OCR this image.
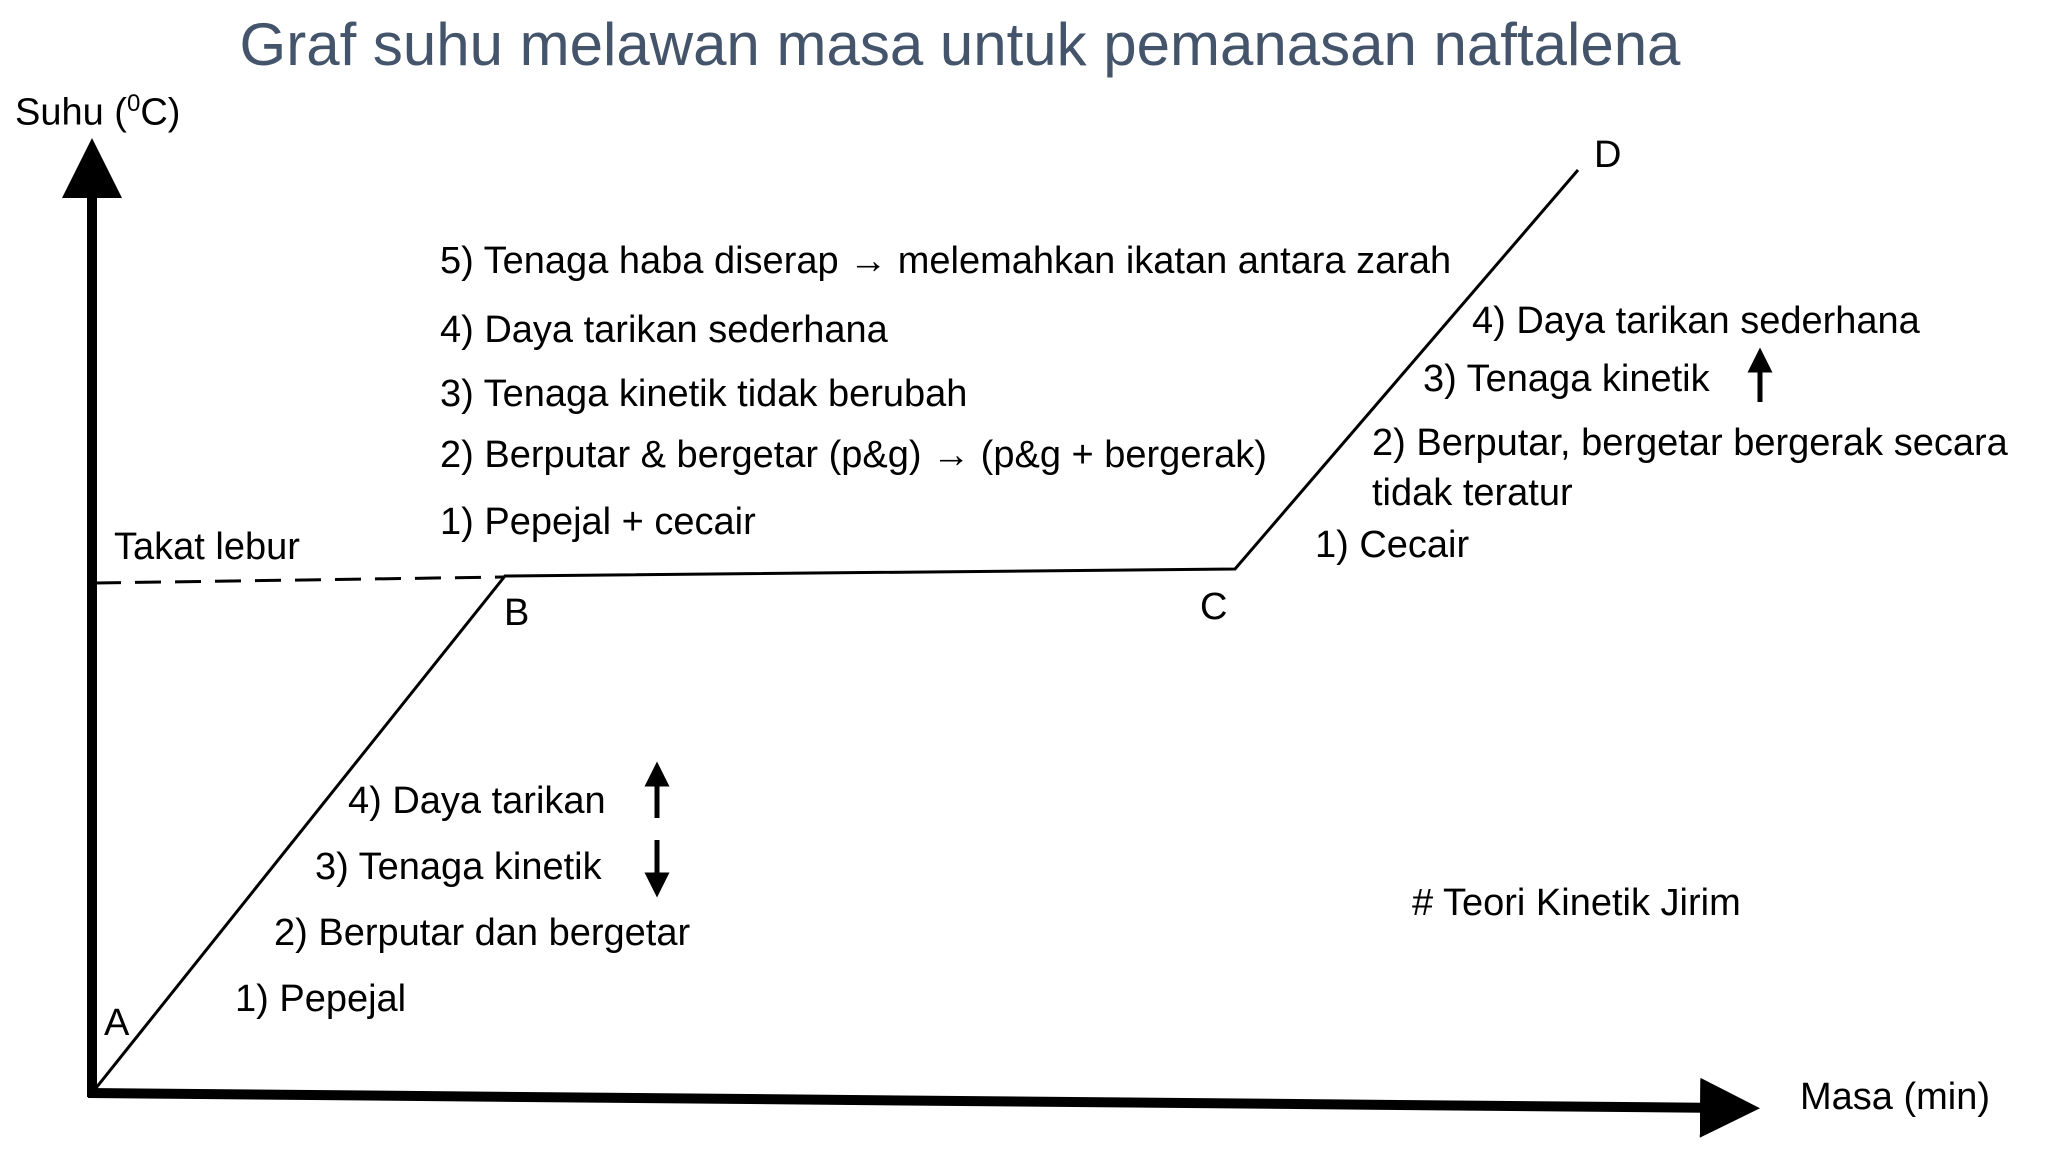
Graf suhu melawan masa untuk pemanasan naftalena
Suhu ($^0$C)
Masa (min)
Takat lebur
A
B	C
D
1) Pepejal
2) Berputar dan bergetar
3) Tenaga kinetik
4) Daya tarikan
1) Pepejal + cecair
2) Berputar & bergetar (p&g) → (p&g + bergerak)
3) Tenaga kinetik tidak berubah
4) Daya tarikan sederhana
5) Tenaga haba diserap → melemahkan ikatan antara zarah
1) Cecair
2) Berputar, bergetar bergerak secara
tidak teratur
3) Tenaga kinetik
4) Daya tarikan sederhana
# Teori Kinetik Jirim
